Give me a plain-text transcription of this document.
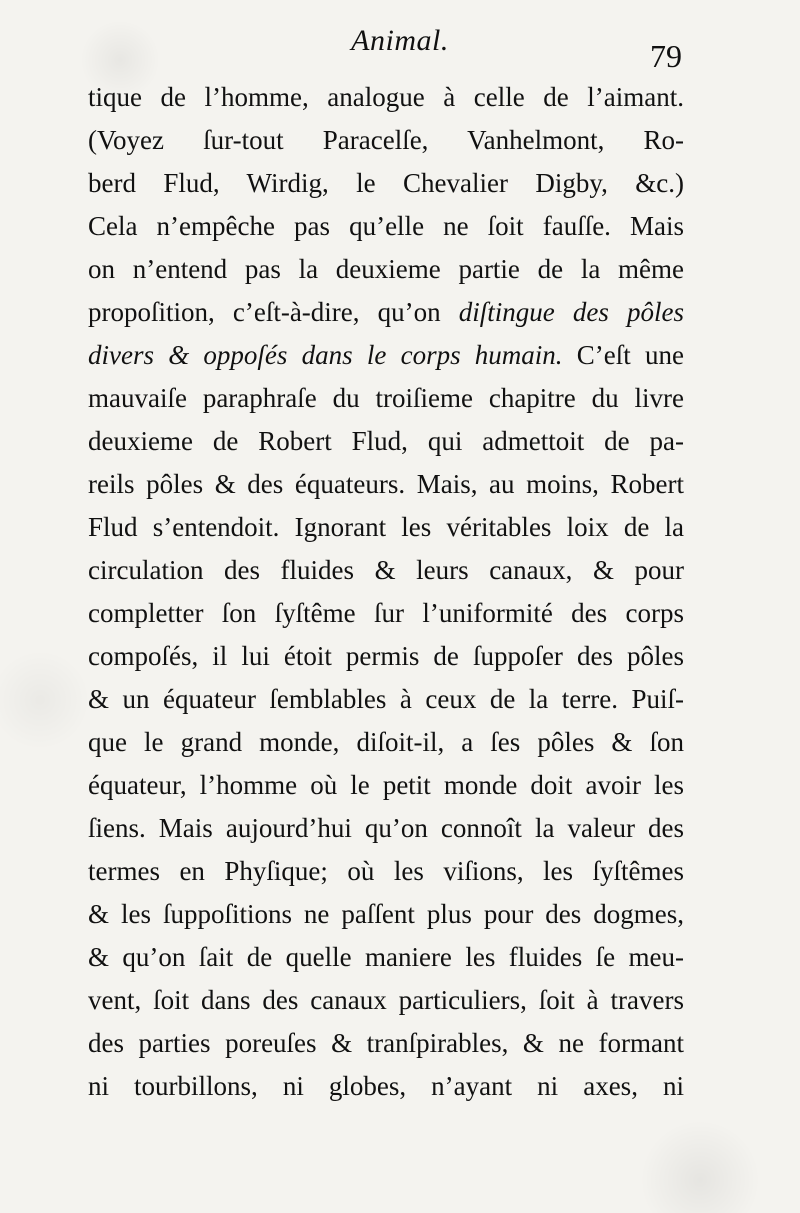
Animal.	79
tique de l’homme, analogue à celle de l’aimant.
(Voyez ſur-tout Paracelſe, Vanhelmont, Ro-
berd Flud, Wirdig, le Chevalier Digby, &c.)
Cela n’empêche pas qu’elle ne ſoit fauſſe. Mais
on n’entend pas la deuxieme partie de la même
propoſition, c’eſt-à-dire, qu’on diſtingue des pôles
divers & oppoſés dans le corps humain. C’eſt une
mauvaiſe paraphraſe du troiſieme chapitre du livre
deuxieme de Robert Flud, qui admettoit de pa-
reils pôles & des équateurs. Mais, au moins, Robert
Flud s’entendoit. Ignorant les véritables loix de la
circulation des fluides & leurs canaux, & pour
completter ſon ſyſtême ſur l’uniformité des corps
compoſés, il lui étoit permis de ſuppoſer des pôles
& un équateur ſemblables à ceux de la terre. Puiſ-
que le grand monde, diſoit-il, a ſes pôles & ſon
équateur, l’homme où le petit monde doit avoir les
ſiens. Mais aujourd’hui qu’on connoît la valeur des
termes en Phyſique; où les viſions, les ſyſtêmes
& les ſuppoſitions ne paſſent plus pour des dogmes,
& qu’on ſait de quelle maniere les fluides ſe meu-
vent, ſoit dans des canaux particuliers, ſoit à travers
des parties poreuſes & tranſpirables, & ne formant
ni tourbillons, ni globes, n’ayant ni axes, ni
